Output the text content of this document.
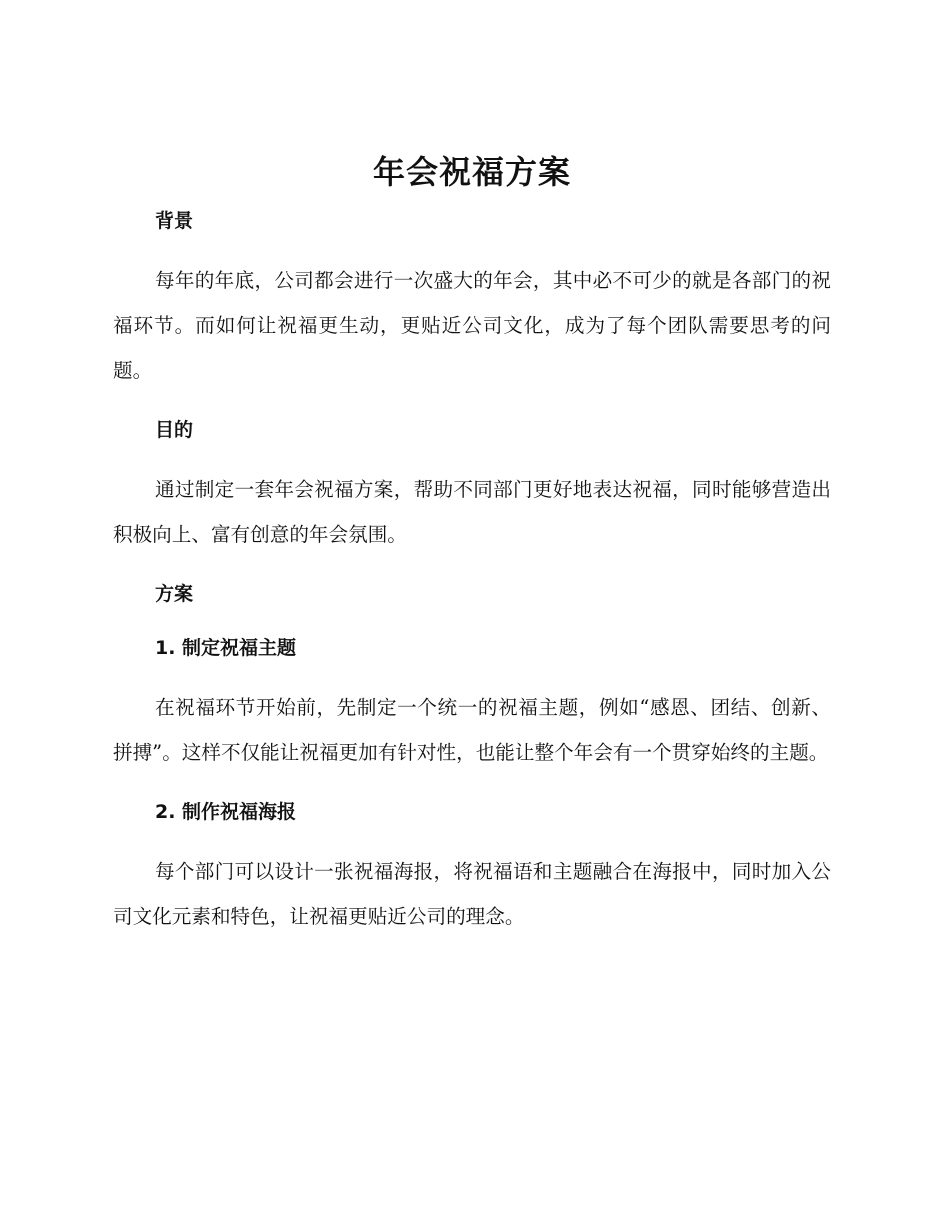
年会祝福方案
背景

每年的年底，公司都会进行一次盛大的年会，其中必不可少的就是各部门的祝福环节。而如何让祝福更生动，更贴近公司文化，成为了每个团队需要思考的问题。

目的

通过制定一套年会祝福方案，帮助不同部门更好地表达祝福，同时能够营造出积极向上、富有创意的年会氛围。

方案
1. 制定祝福主题

在祝福环节开始前，先制定一个统一的祝福主题，例如“感恩、团结、创新、拼搏”。这样不仅能让祝福更加有针对性，也能让整个年会有一个贯穿始终的主题。

2. 制作祝福海报

每个部门可以设计一张祝福海报，将祝福语和主题融合在海报中，同时加入公司文化元素和特色，让祝福更贴近公司的理念。
